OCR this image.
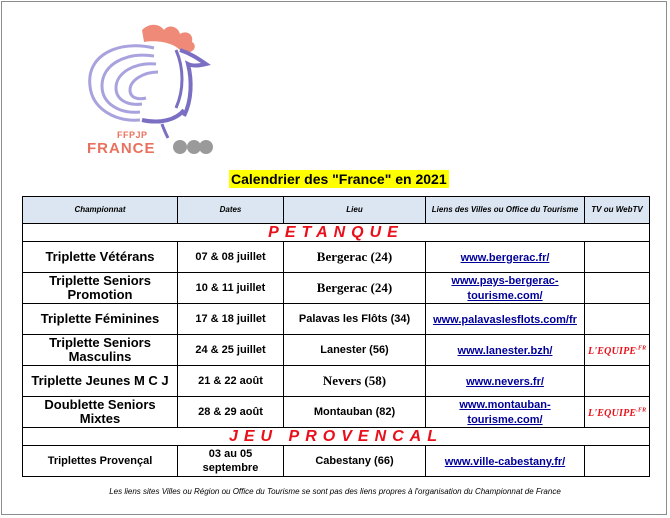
FFPJP
FRANCE
Calendrier des "France" en 2021
Championnat	Dates	Lieu	Liens des Villes ou Office du Tourisme	TV ou WebTV
PETANQUE				
Triplette Vétérans	07 & 08 juillet	Bergerac (24)	www.bergerac.fr/	
Triplette Seniors Promotion	10 & 11 juillet	Bergerac (24)	www.pays-bergerac-tourisme.com/	
Triplette Féminines	17 & 18 juillet	Palavas les Flôts (34)	www.palavaslesflots.com/fr	
Triplette Seniors Masculins	24 & 25 juillet	Lanester (56)	www.lanester.bzh/	$L'EQUIPE^{.FR}$
Triplette Jeunes M C J	21 & 22 août	Nevers (58)	www.nevers.fr/	
Doublette Seniors Mixtes	28 & 29 août	Montauban (82)	www.montauban-tourisme.com/	$L'EQUIPE^{.FR}$
JEU PROVENCAL				
Triplettes Provençal	03 au 05 septembre	Cabestany (66)	www.ville-cabestany.fr/	
Les liens sites Villes ou Région ou Office du Tourisme se sont pas des liens propres à l'organisation du Championnat de France
